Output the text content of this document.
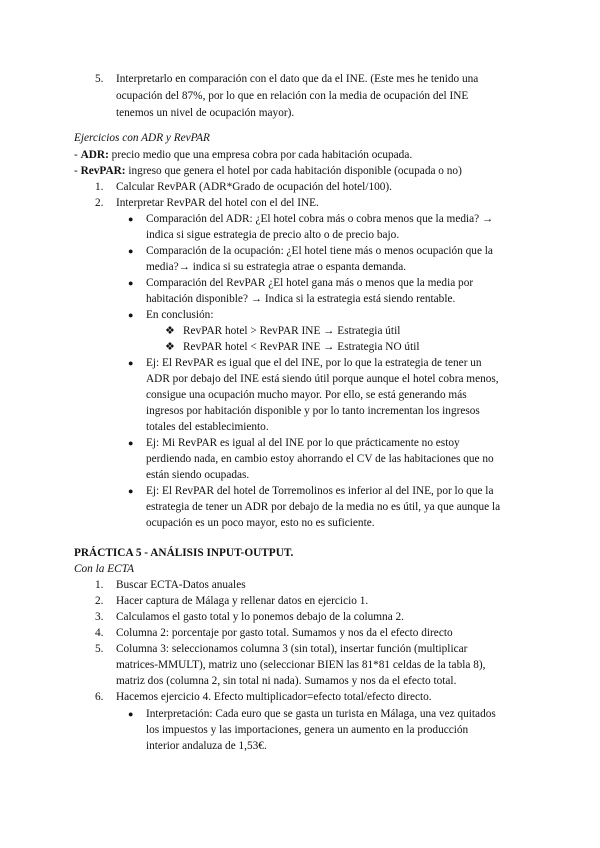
5. Interpretarlo en comparación con el dato que da el INE. (Este mes he tenido una
ocupación del 87%, por lo que en relación con la media de ocupación del INE
tenemos un nivel de ocupación mayor).
Ejercicios con ADR y RevPAR
- ADR: precio medio que una empresa cobra por cada habitación ocupada.
- RevPAR: ingreso que genera el hotel por cada habitación disponible (ocupada o no)
1. Calcular RevPAR (ADR*Grado de ocupación del hotel/100).
2. Interpretar RevPAR del hotel con el del INE.
● Comparación del ADR: ¿El hotel cobra más o cobra menos que la media? →
indica si sigue estrategia de precio alto o de precio bajo.
● Comparación de la ocupación: ¿El hotel tiene más o menos ocupación que la
media?→ indica si su estrategia atrae o espanta demanda.
● Comparación del RevPAR ¿El hotel gana más o menos que la media por
habitación disponible? → Indica si la estrategia está siendo rentable.
● En conclusión:
❖ RevPAR hotel > RevPAR INE → Estrategia útil
❖ RevPAR hotel < RevPAR INE → Estrategia NO útil
● Ej: El RevPAR es igual que el del INE, por lo que la estrategia de tener un
ADR por debajo del INE está siendo útil porque aunque el hotel cobra menos,
consigue una ocupación mucho mayor. Por ello, se está generando más
ingresos por habitación disponible y por lo tanto incrementan los ingresos
totales del establecimiento.
● Ej: Mi RevPAR es igual al del INE por lo que prácticamente no estoy
perdiendo nada, en cambio estoy ahorrando el CV de las habitaciones que no
están siendo ocupadas.
● Ej: El RevPAR del hotel de Torremolinos es inferior al del INE, por lo que la
estrategia de tener un ADR por debajo de la media no es útil, ya que aunque la
ocupación es un poco mayor, esto no es suficiente.
PRÁCTICA 5 - ANÁLISIS INPUT-OUTPUT.
Con la ECTA
1. Buscar ECTA-Datos anuales
2. Hacer captura de Málaga y rellenar datos en ejercicio 1.
3. Calculamos el gasto total y lo ponemos debajo de la columna 2.
4. Columna 2: porcentaje por gasto total. Sumamos y nos da el efecto directo
5. Columna 3: seleccionamos columna 3 (sin total), insertar función (multiplicar
matrices-MMULT), matriz uno (seleccionar BIEN las 81*81 celdas de la tabla 8),
matriz dos (columna 2, sin total ni nada). Sumamos y nos da el efecto total.
6. Hacemos ejercicio 4. Efecto multiplicador=efecto total/efecto directo.
● Interpretación: Cada euro que se gasta un turista en Málaga, una vez quitados
los impuestos y las importaciones, genera un aumento en la producción
interior andaluza de 1,53€.
